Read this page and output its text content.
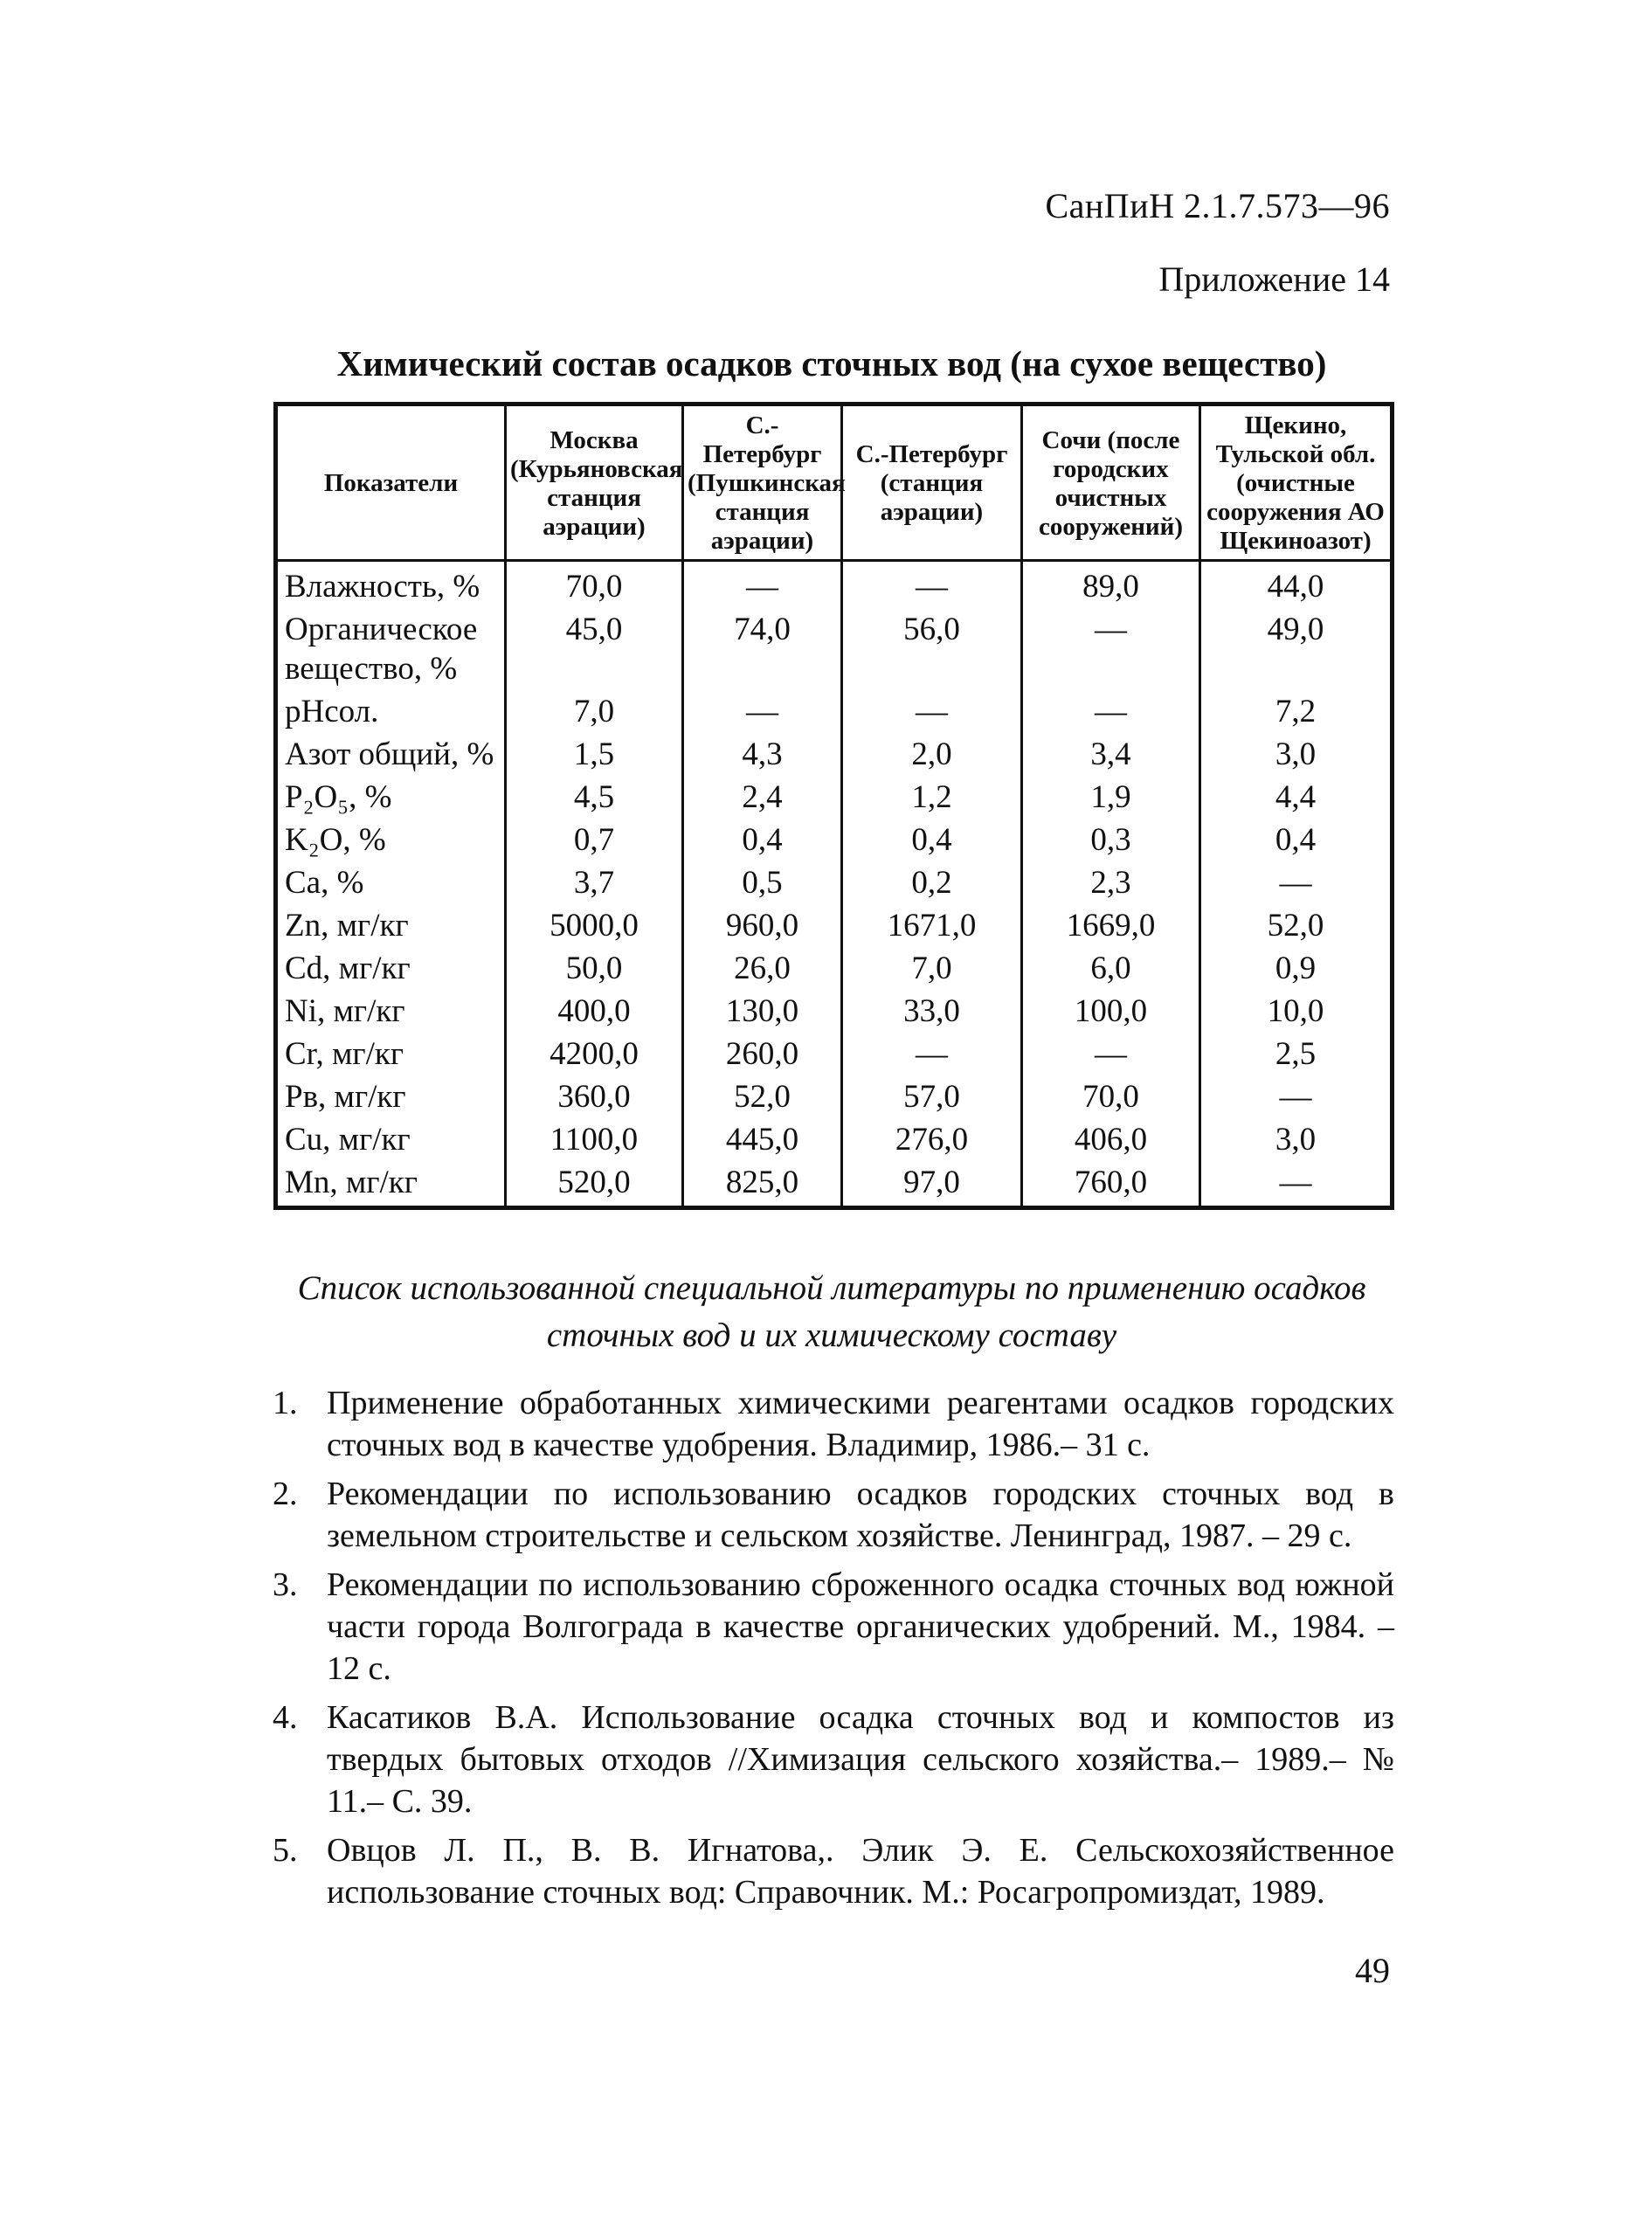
СанПиН 2.1.7.573—96
Приложение 14
Химический состав осадков сточных вод (на сухое вещество)
Показатели	Москва (Курьяновская станция аэрации)	С.-Петербург (Пушкинская станция аэрации)	С.-Петербург (станция аэрации)	Сочи (после городских очистных сооружений)	Щекино, Тульской обл. (очистные сооружения АО Щекиноазот)
Влажность, %	70,0	—	—	89,0	44,0
Органическое вещество, %	45,0	74,0	56,0	—	49,0
pHсол.	7,0	—	—	—	7,2
Азот общий, %	1,5	4,3	2,0	3,4	3,0
P₂O₅, %	4,5	2,4	1,2	1,9	4,4
K₂O, %	0,7	0,4	0,4	0,3	0,4
Ca, %	3,7	0,5	0,2	2,3	—
Zn, мг/кг	5000,0	960,0	1671,0	1669,0	52,0
Cd, мг/кг	50,0	26,0	7,0	6,0	0,9
Ni, мг/кг	400,0	130,0	33,0	100,0	10,0
Cr, мг/кг	4200,0	260,0	—	—	2,5
Pв, мг/кг	360,0	52,0	57,0	70,0	—
Cu, мг/кг	1100,0	445,0	276,0	406,0	3,0
Mn, мг/кг	520,0	825,0	97,0	760,0	—
Список использованной специальной литературы по применению осадков сточных вод и их химическому составу
1. Применение обработанных химическими реагентами осадков городских сточных вод в качестве удобрения. Владимир, 1986.– 31 с.
2. Рекомендации по использованию осадков городских сточных вод в земельном строительстве и сельском хозяйстве. Ленинград, 1987. – 29 с.
3. Рекомендации по использованию сброженного осадка сточных вод южной части города Волгограда в качестве органических удобрений. М., 1984. – 12 с.
4. Касатиков В.А. Использование осадка сточных вод и компостов из твердых бытовых отходов //Химизация сельского хозяйства.– 1989.– № 11.– С. 39.
5. Овцов Л. П., В. В. Игнатова,. Элик Э. Е. Сельскохозяйственное использование сточных вод: Справочник. М.: Росагропромиздат, 1989.
49
